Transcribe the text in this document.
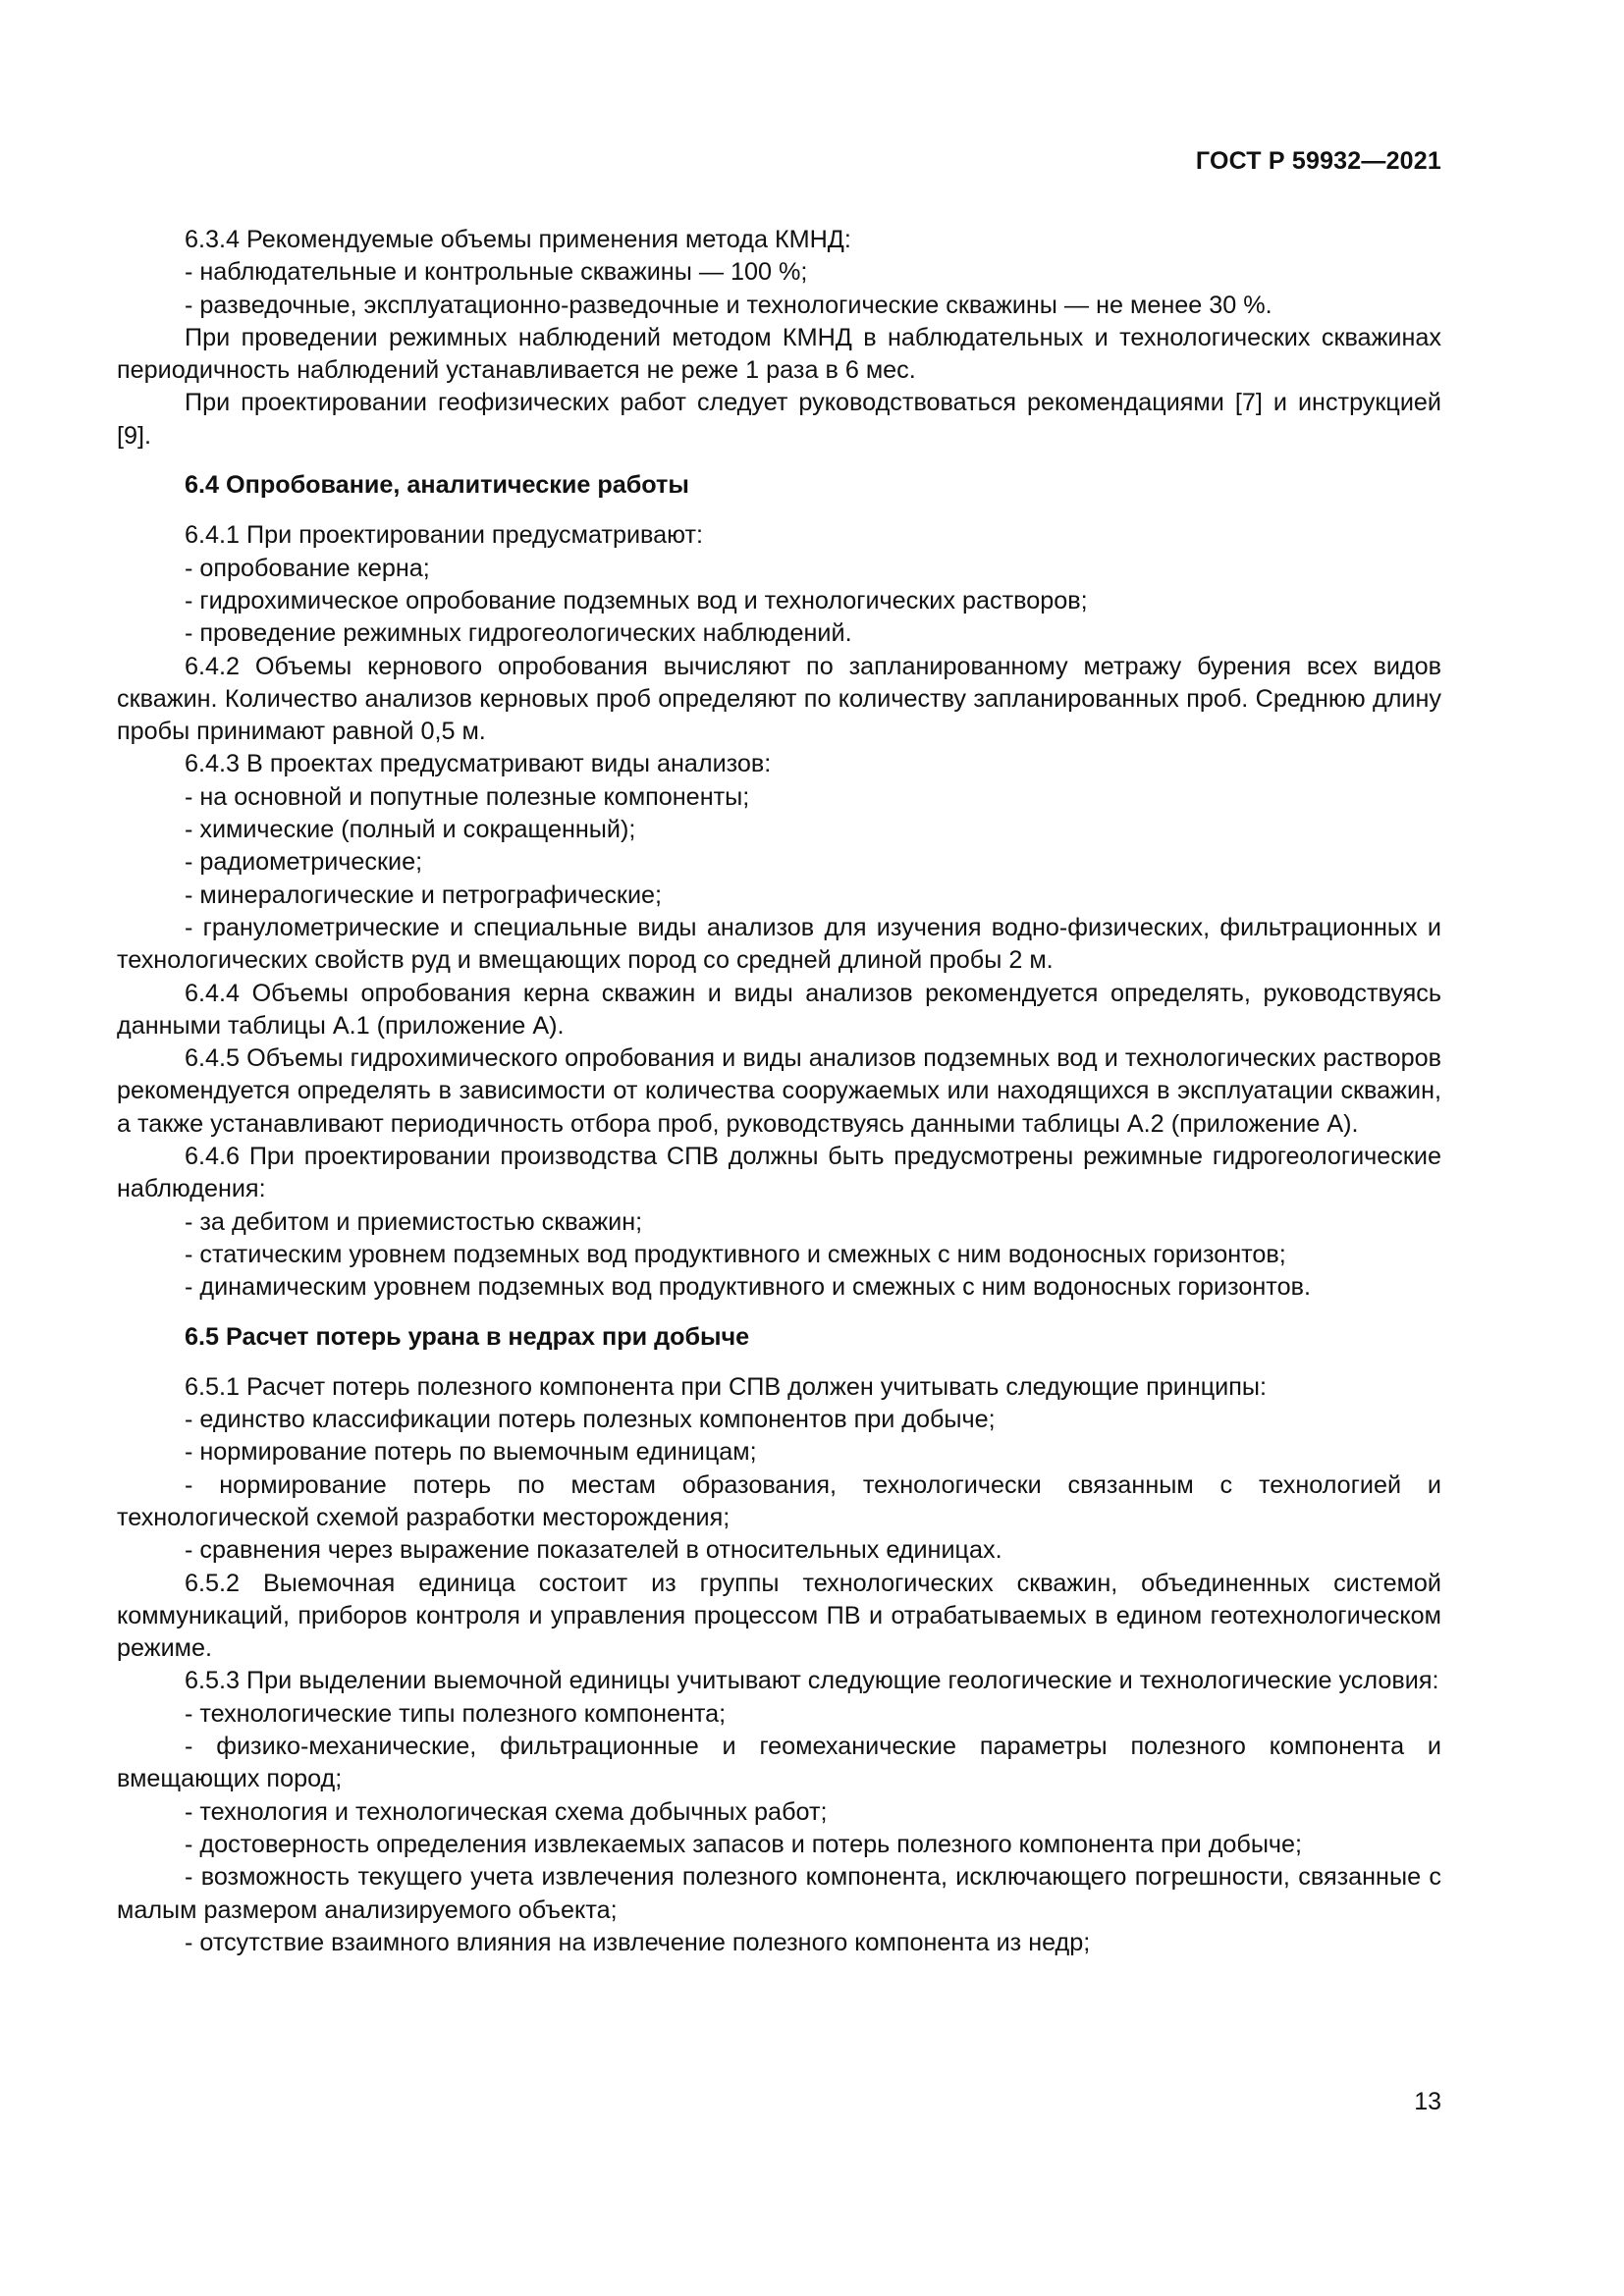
ГОСТ Р 59932—2021

6.3.4 Рекомендуемые объемы применения метода КМНД:

- наблюдательные и контрольные скважины — 100 %;

- разведочные, эксплуатационно-разведочные и технологические скважины — не менее 30 %.

При проведении режимных наблюдений методом КМНД в наблюдательных и технологических скважинах периодичность наблюдений устанавливается не реже 1 раза в 6 мес.

При проектировании геофизических работ следует руководствоваться рекомендациями [7] и инструкцией [9].

6.4 Опробование, аналитические работы

6.4.1 При проектировании предусматривают:

- опробование керна;

- гидрохимическое опробование подземных вод и технологических растворов;

- проведение режимных гидрогеологических наблюдений.

6.4.2 Объемы кернового опробования вычисляют по запланированному метражу бурения всех видов скважин. Количество анализов керновых проб определяют по количеству запланированных проб. Среднюю длину пробы принимают равной 0,5 м.

6.4.3 В проектах предусматривают виды анализов:

- на основной и попутные полезные компоненты;

- химические (полный и сокращенный);

- радиометрические;

- минералогические и петрографические;

- гранулометрические и специальные виды анализов для изучения водно-физических, фильтрационных и технологических свойств руд и вмещающих пород со средней длиной пробы 2 м.

6.4.4 Объемы опробования керна скважин и виды анализов рекомендуется определять, руководствуясь данными таблицы А.1 (приложение А).

6.4.5 Объемы гидрохимического опробования и виды анализов подземных вод и технологических растворов рекомендуется определять в зависимости от количества сооружаемых или находящихся в эксплуатации скважин, а также устанавливают периодичность отбора проб, руководствуясь данными таблицы А.2 (приложение А).

6.4.6 При проектировании производства СПВ должны быть предусмотрены режимные гидрогеологические наблюдения:

- за дебитом и приемистостью скважин;

- статическим уровнем подземных вод продуктивного и смежных с ним водоносных горизонтов;

- динамическим уровнем подземных вод продуктивного и смежных с ним водоносных горизонтов.

6.5 Расчет потерь урана в недрах при добыче

6.5.1 Расчет потерь полезного компонента при СПВ должен учитывать следующие принципы:

- единство классификации потерь полезных компонентов при добыче;

- нормирование потерь по выемочным единицам;

- нормирование потерь по местам образования, технологически связанным с технологией и технологической схемой разработки месторождения;

- сравнения через выражение показателей в относительных единицах.

6.5.2 Выемочная единица состоит из группы технологических скважин, объединенных системой коммуникаций, приборов контроля и управления процессом ПВ и отрабатываемых в едином геотехнологическом режиме.

6.5.3 При выделении выемочной единицы учитывают следующие геологические и технологические условия:

- технологические типы полезного компонента;

- физико-механические, фильтрационные и геомеханические параметры полезного компонента и вмещающих пород;

- технология и технологическая схема добычных работ;

- достоверность определения извлекаемых запасов и потерь полезного компонента при добыче;

- возможность текущего учета извлечения полезного компонента, исключающего погрешности, связанные с малым размером анализируемого объекта;

- отсутствие взаимного влияния на извлечение полезного компонента из недр;

13
